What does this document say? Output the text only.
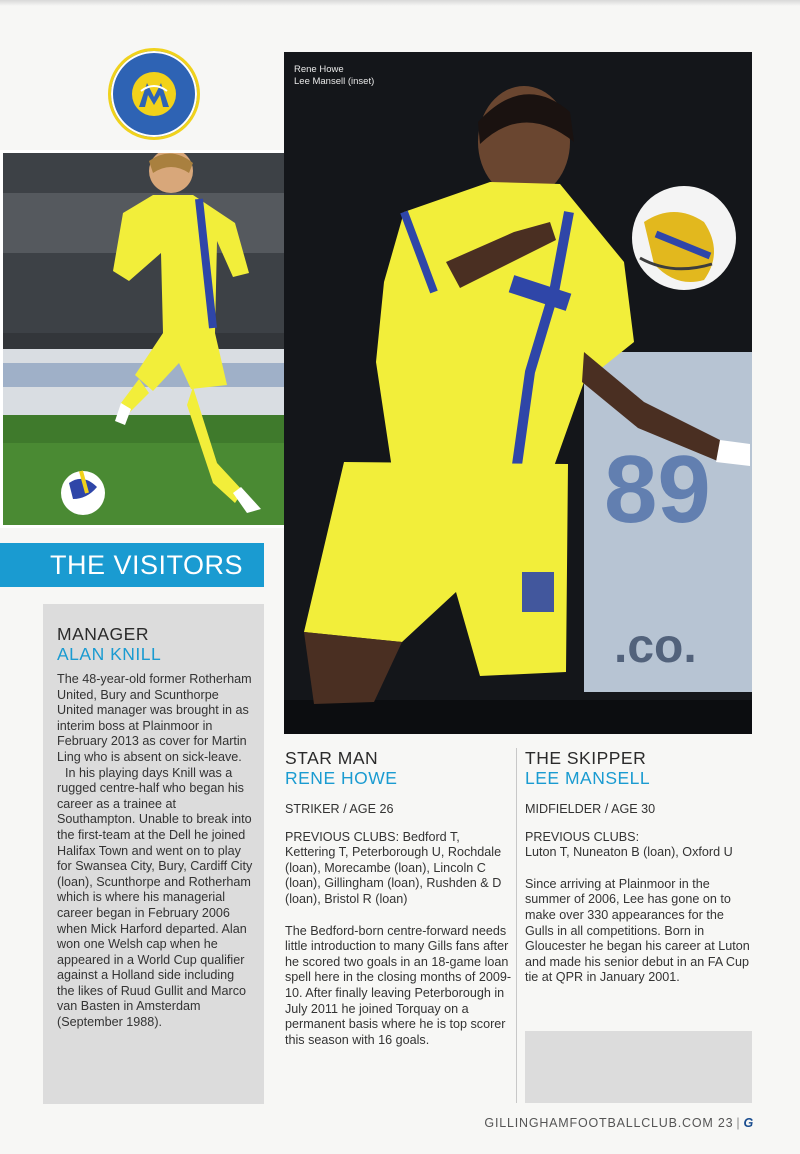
89
.co.
Rene Howe
Lee Mansell (inset)
THE VISITORS
MANAGER
ALAN KNILL

The 48-year-old former Rotherham United, Bury and Scunthorpe United manager was brought in as interim boss at Plainmoor in February 2013 as cover for Martin Ling who is absent on sick-leave.

In his playing days Knill was a rugged centre-half who began his career as a trainee at Southampton. Unable to break into the first-team at the Dell he joined Halifax Town and went on to play for Swansea City, Bury, Cardiff City (loan), Scunthorpe and Rotherham which is where his managerial career began in February 2006 when Mick Harford departed. Alan won one Welsh cap when he appeared in a World Cup qualifier against a Holland side including the likes of Ruud Gullit and Marco van Basten in Amsterdam (September 1988).

STAR MAN
RENE HOWE
STRIKER / AGE 26
PREVIOUS CLUBS: Bedford T, Kettering T, Peterborough U, Rochdale (loan), Morecambe (loan), Lincoln C (loan), Gillingham (loan), Rushden & D (loan), Bristol R (loan)

The Bedford-born centre-forward needs little introduction to many Gills fans after he scored two goals in an 18-game loan spell here in the closing months of 2009-10. After finally leaving Peterborough in July 2011 he joined Torquay on a permanent basis where he is top scorer this season with 16 goals.

THE SKIPPER
LEE MANSELL
MIDFIELDER / AGE 30
PREVIOUS CLUBS:
Luton T, Nuneaton B (loan), Oxford U

Since arriving at Plainmoor in the summer of 2006, Lee has gone on to make over 330 appearances for the Gulls in all competitions. Born in Gloucester he began his career at Luton and made his senior debut in an FA Cup tie at QPR in January 2001.

GILLINGHAMFOOTBALLCLUB.COM 23 | G
